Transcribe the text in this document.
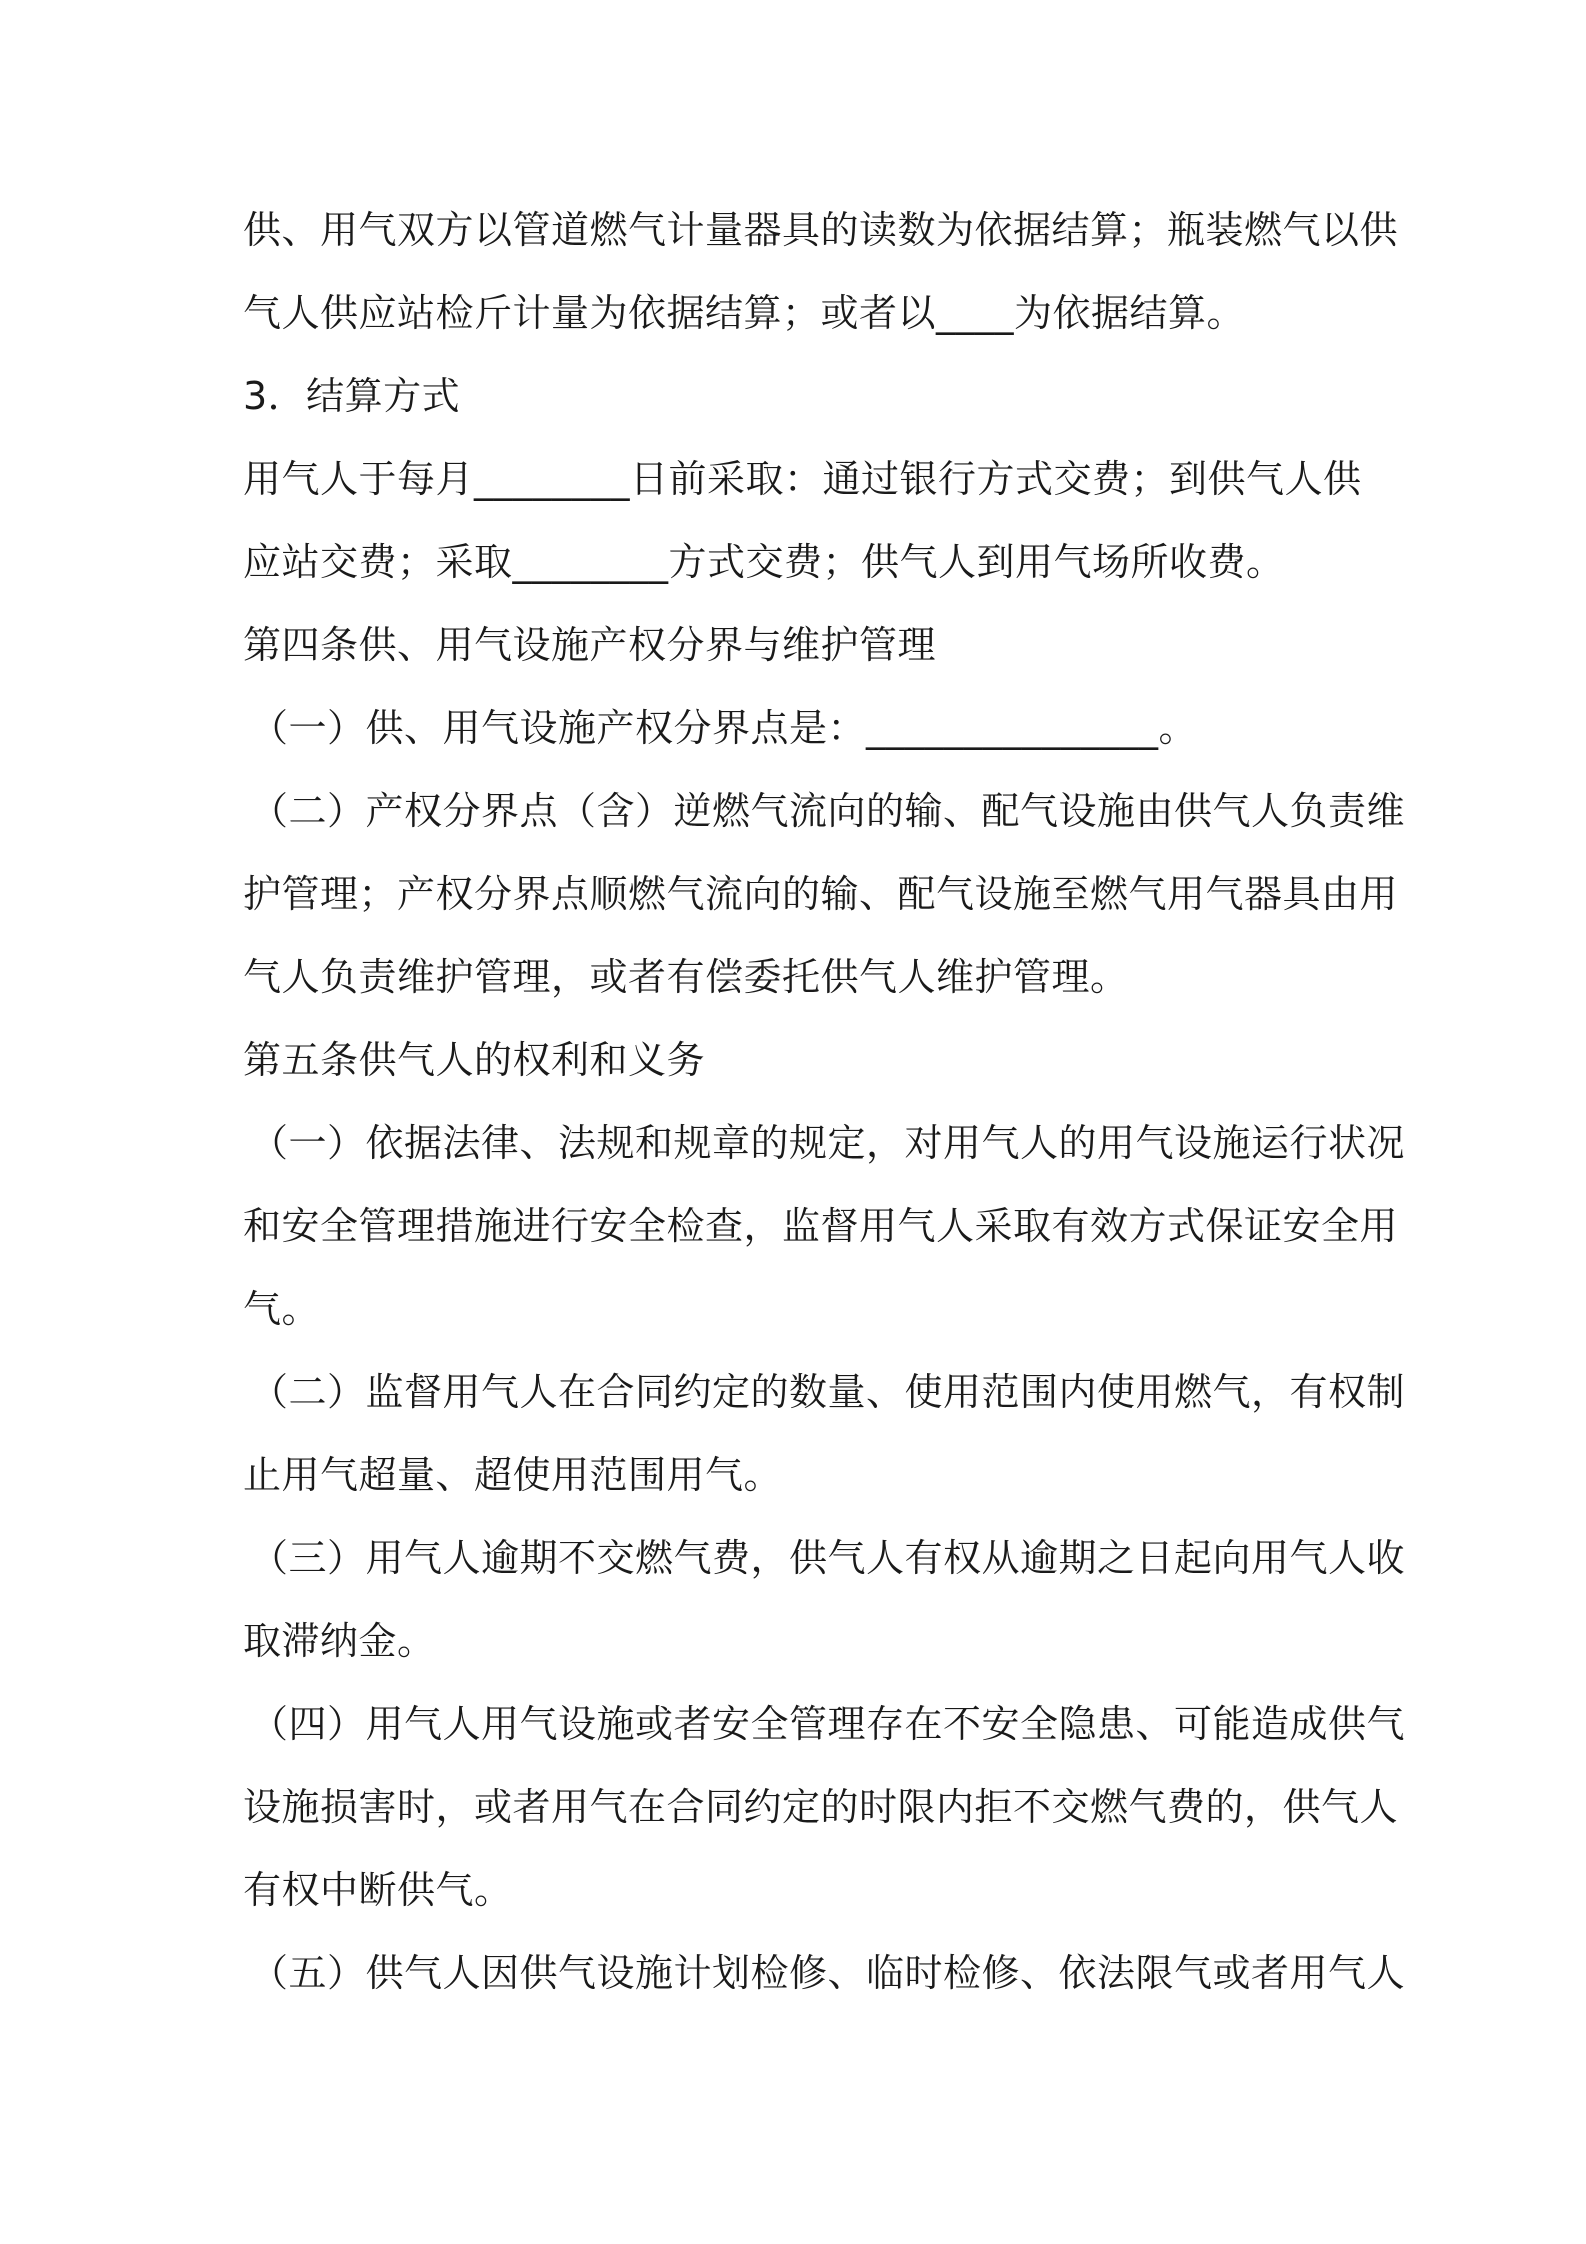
供、用气双方以管道燃气计量器具的读数为依据结算；瓶装燃气以供
气人供应站检斤计量为依据结算；或者以____为依据结算。
3．结算方式
用气人于每月________日前采取：通过银行方式交费；到供气人供
应站交费；采取________方式交费；供气人到用气场所收费。
第四条供、用气设施产权分界与维护管理
（一）供、用气设施产权分界点是：_______________。
（二）产权分界点（含）逆燃气流向的输、配气设施由供气人负责维
护管理；产权分界点顺燃气流向的输、配气设施至燃气用气器具由用
气人负责维护管理，或者有偿委托供气人维护管理。
第五条供气人的权利和义务
（一）依据法律、法规和规章的规定，对用气人的用气设施运行状况
和安全管理措施进行安全检查，监督用气人采取有效方式保证安全用
气。
（二）监督用气人在合同约定的数量、使用范围内使用燃气，有权制
止用气超量、超使用范围用气。
（三）用气人逾期不交燃气费，供气人有权从逾期之日起向用气人收
取滞纳金。
（四）用气人用气设施或者安全管理存在不安全隐患、可能造成供气
设施损害时，或者用气在合同约定的时限内拒不交燃气费的，供气人
有权中断供气。
（五）供气人因供气设施计划检修、临时检修、依法限气或者用气人
